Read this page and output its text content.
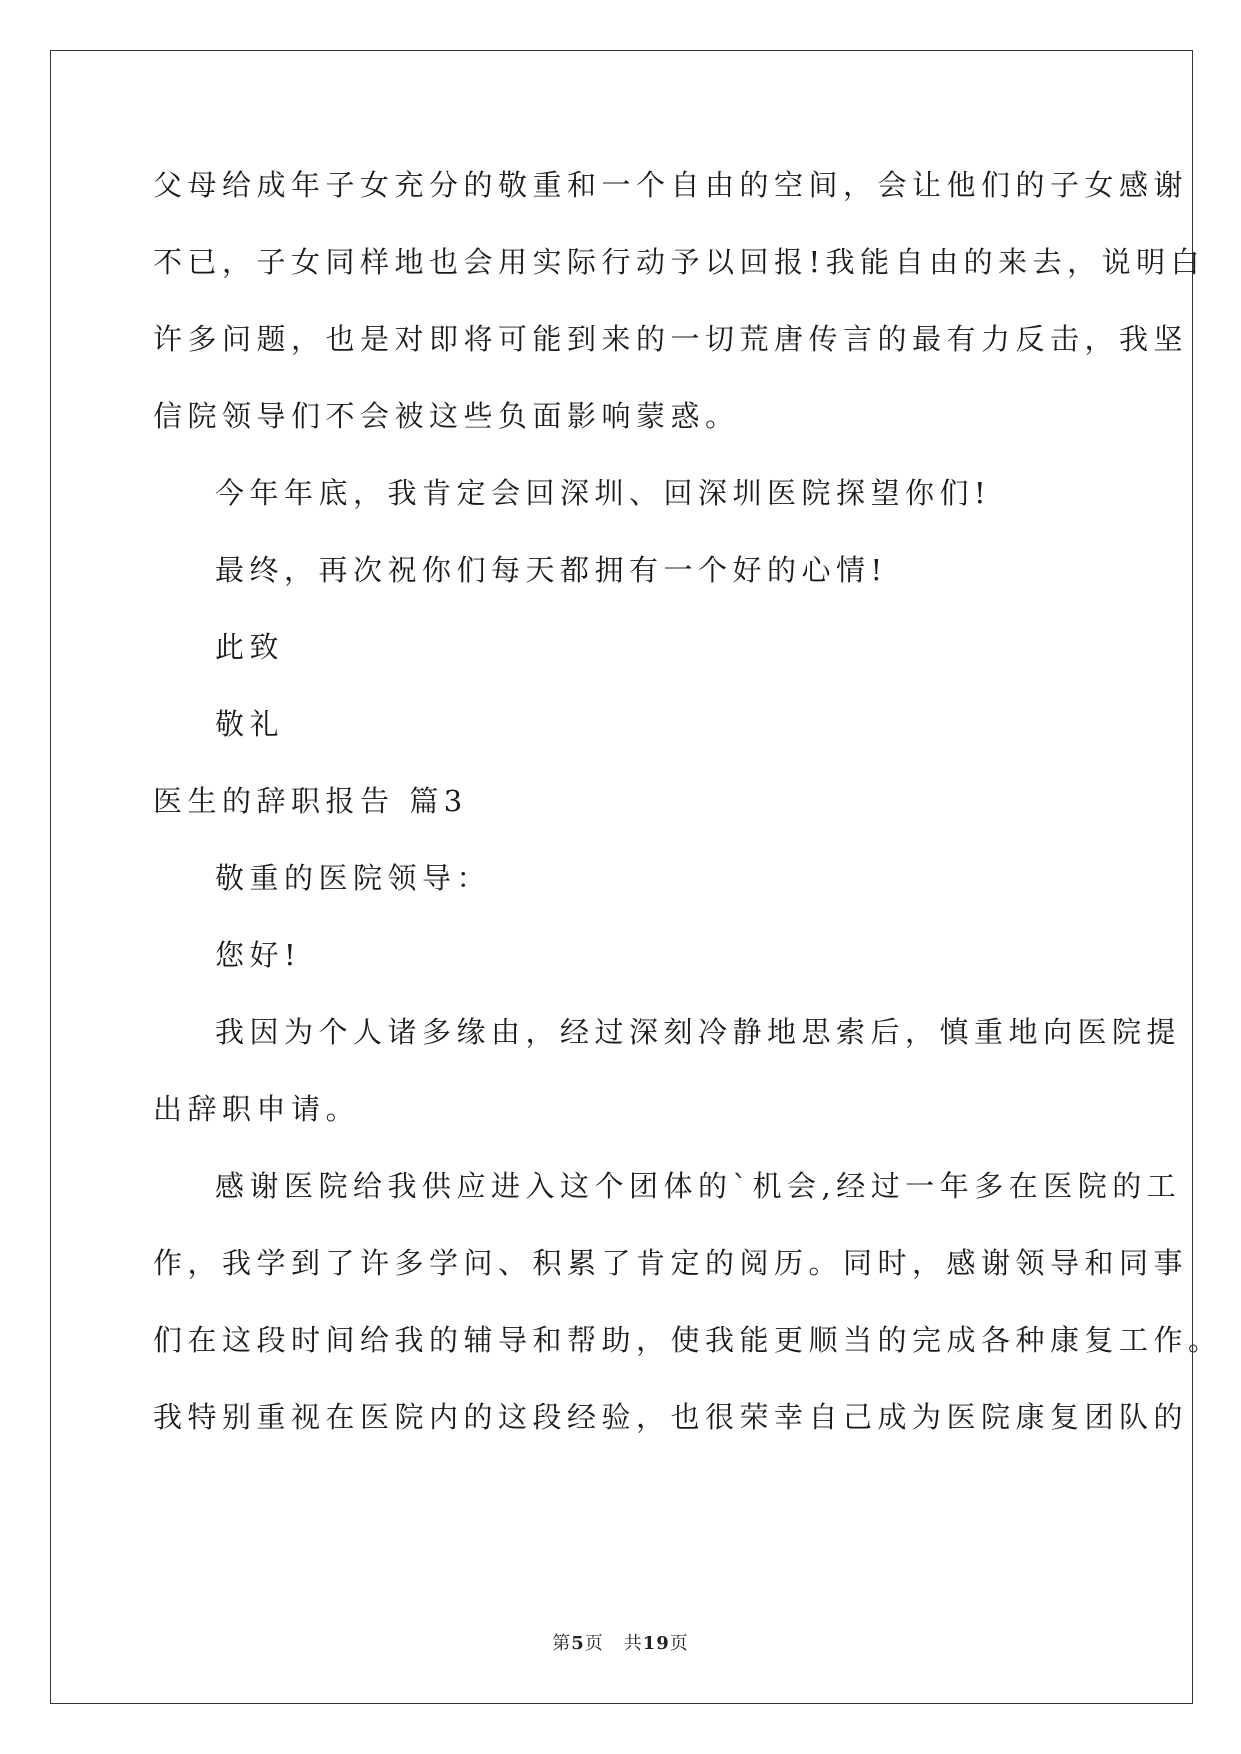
父母给成年子女充分的敬重和一个自由的空间，会让他们的子女感谢

不已，子女同样地也会用实际行动予以回报!我能自由的来去，说明白

许多问题，也是对即将可能到来的一切荒唐传言的最有力反击，我坚

信院领导们不会被这些负面影响蒙惑。

今年年底，我肯定会回深圳、回深圳医院探望你们!

最终，再次祝你们每天都拥有一个好的心情!

此致

敬礼

医生的辞职报告 篇3

敬重的医院领导：

您好!

我因为个人诸多缘由，经过深刻冷静地思索后，慎重地向医院提

出辞职申请。

感谢医院给我供应进入这个团体的`机会,经过一年多在医院的工

作，我学到了许多学问、积累了肯定的阅历。同时，感谢领导和同事

们在这段时间给我的辅导和帮助，使我能更顺当的完成各种康复工作。

我特别重视在医院内的这段经验，也很荣幸自己成为医院康复团队的

第5页 共19页
